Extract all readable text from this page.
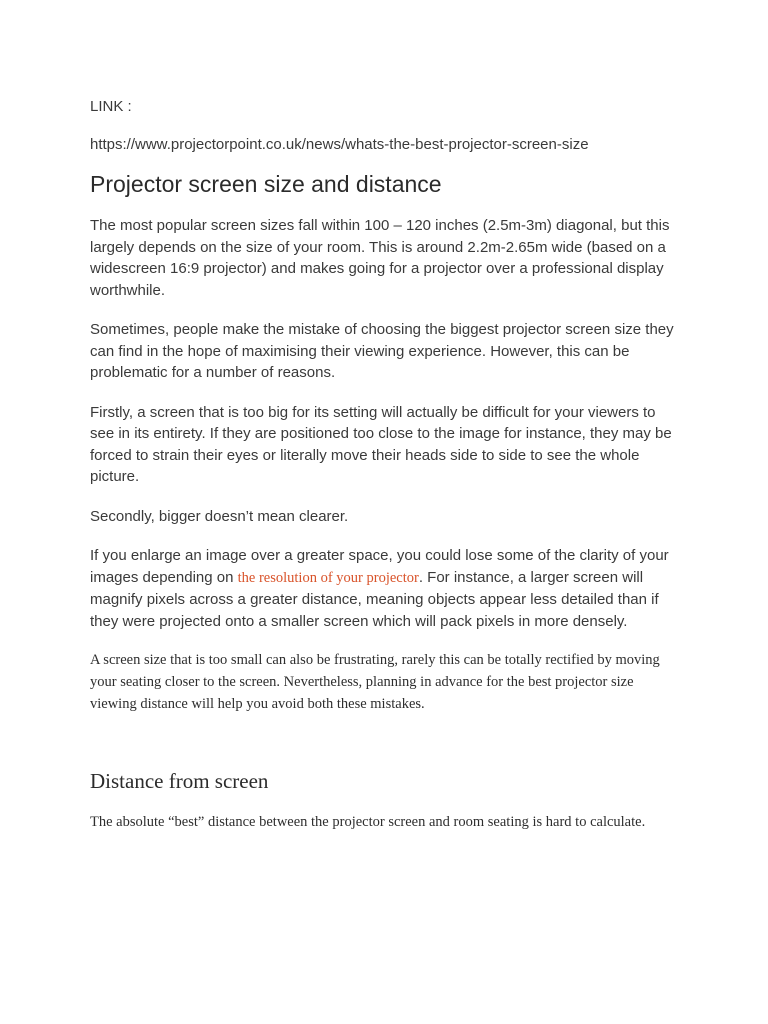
LINK :

https://www.projectorpoint.co.uk/news/whats-the-best-projector-screen-size

Projector screen size and distance

The most popular screen sizes fall within 100 – 120 inches (2.5m-3m) diagonal, but this largely depends on the size of your room. This is around 2.2m-2.65m wide (based on a widescreen 16:9 projector) and makes going for a projector over a professional display worthwhile.

Sometimes, people make the mistake of choosing the biggest projector screen size they can find in the hope of maximising their viewing experience. However, this can be problematic for a number of reasons.

Firstly, a screen that is too big for its setting will actually be difficult for your viewers to see in its entirety. If they are positioned too close to the image for instance, they may be forced to strain their eyes or literally move their heads side to side to see the whole picture.

Secondly, bigger doesn’t mean clearer.

If you enlarge an image over a greater space, you could lose some of the clarity of your images depending on the resolution of your projector. For instance, a larger screen will magnify pixels across a greater distance, meaning objects appear less detailed than if they were projected onto a smaller screen which will pack pixels in more densely.

A screen size that is too small can also be frustrating, rarely this can be totally rectified by moving your seating closer to the screen. Nevertheless, planning in advance for the best projector size viewing distance will help you avoid both these mistakes.

Distance from screen

The absolute “best” distance between the projector screen and room seating is hard to calculate.
